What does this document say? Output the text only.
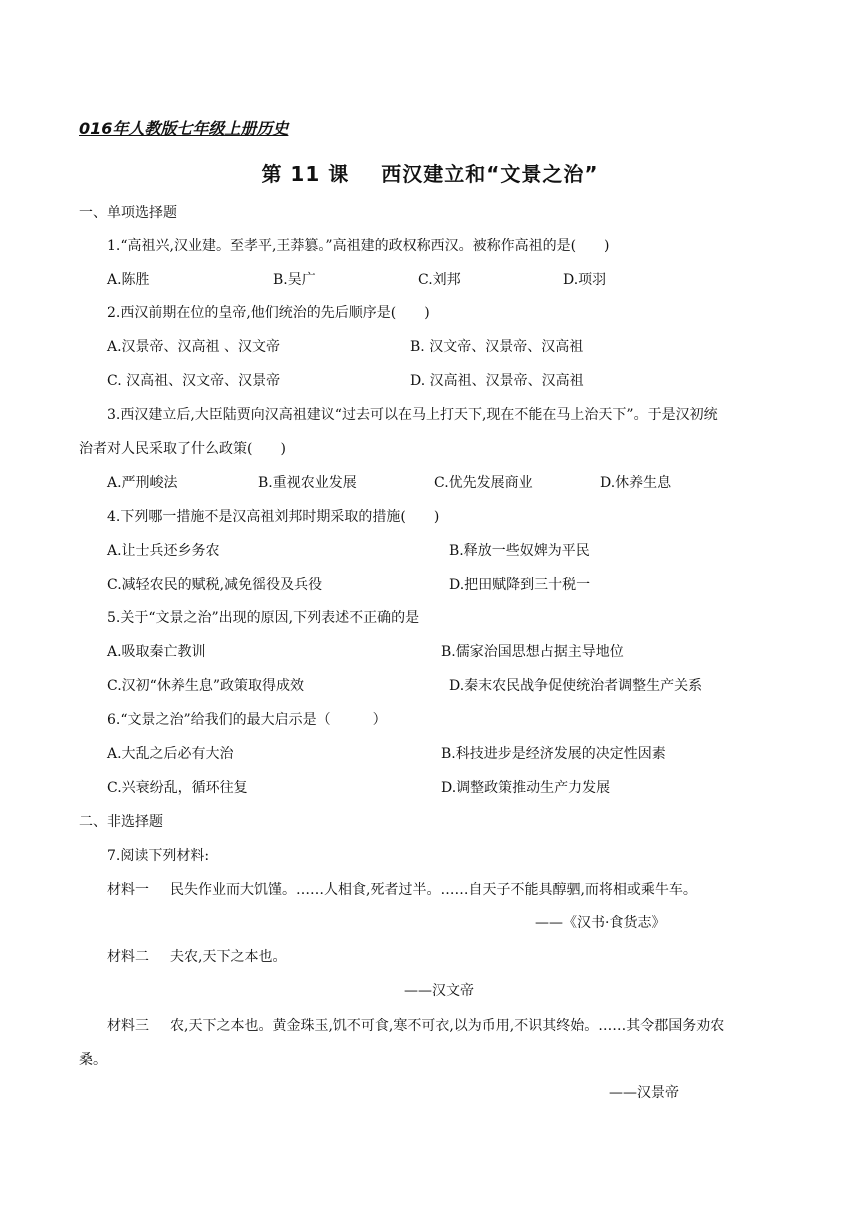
016年人教版七年级上册历史
第 11 课 西汉建立和“文景之治”
一、单项选择题
1.“高祖兴,汉业建。至孝平,王莽篡。”高祖建的政权称西汉。被称作高祖的是(　　)
A.陈胜	B.吴广	C.刘邦	D.项羽
2.西汉前期在位的皇帝,他们统治的先后顺序是(　　)
A.汉景帝、汉高祖 、汉文帝	B. 汉文帝、汉景帝、汉高祖
C. 汉高祖、汉文帝、汉景帝	D. 汉高祖、汉景帝、汉高祖
3.西汉建立后,大臣陆贾向汉高祖建议“过去可以在马上打天下,现在不能在马上治天下”。于是汉初统
治者对人民采取了什么政策(　　)
A.严刑峻法	B.重视农业发展	C.优先发展商业	D.休养生息
4.下列哪一措施不是汉高祖刘邦时期采取的措施(　　)
A.让士兵还乡务农	B.释放一些奴婢为平民
C.减轻农民的赋税,减免徭役及兵役	D.把田赋降到三十税一
5.关于“文景之治”出现的原因,下列表述不正确的是
A.吸取秦亡教训	B.儒家治国思想占据主导地位
C.汉初“休养生息”政策取得成效	D.秦末农民战争促使统治者调整生产关系
6.“文景之治”给我们的最大启示是（　　　）
A.大乱之后必有大治	B.科技进步是经济发展的决定性因素
C.兴衰纷乱，循环往复	D.调整政策推动生产力发展
二、非选择题
7.阅读下列材料:
材料一 民失作业而大饥馑。……人相食,死者过半。……自天子不能具醇驷,而将相或乘牛车。
——《汉书·食货志》
材料二 夫农,天下之本也。
——汉文帝
材料三 农,天下之本也。黄金珠玉,饥不可食,寒不可衣,以为币用,不识其终始。……其令郡国务劝农
桑。
——汉景帝
